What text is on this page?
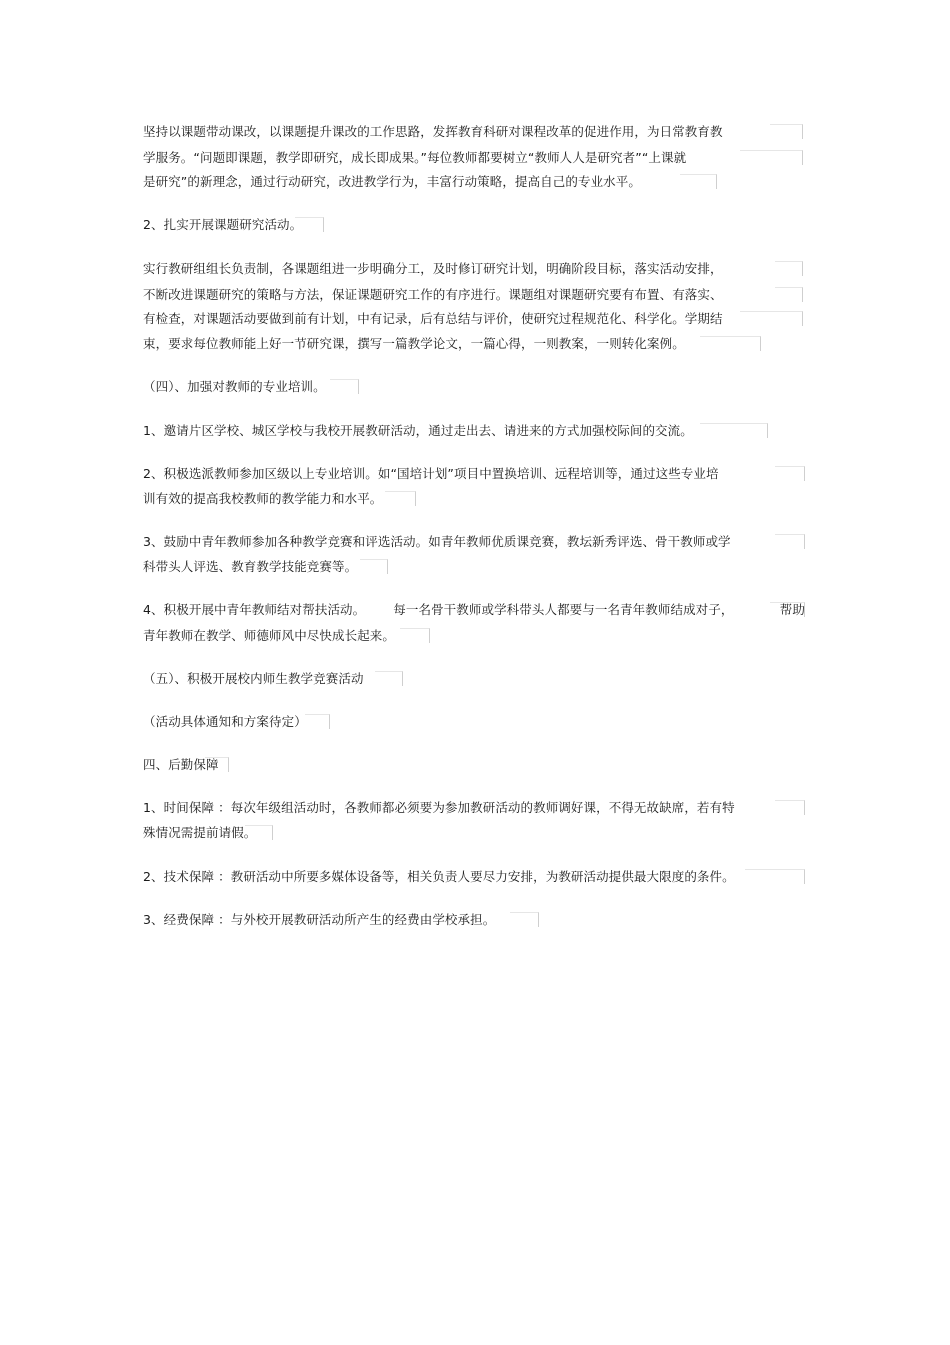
坚持以课题带动课改，以课题提升课改的工作思路，发挥教育科研对课程改革的促进作用，为日常教育教
学服务。“问题即课题，教学即研究，成长即成果。”每位教师都要树立“教师人人是研究者”“上课就
是研究”的新理念，通过行动研究，改进教学行为，丰富行动策略，提高自己的专业水平。
2、扎实开展课题研究活动。
实行教研组组长负责制，各课题组进一步明确分工，及时修订研究计划，明确阶段目标，落实活动安排，
不断改进课题研究的策略与方法，保证课题研究工作的有序进行。课题组对课题研究要有布置、有落实、
有检查，对课题活动要做到前有计划，中有记录，后有总结与评价，使研究过程规范化、科学化。学期结
束，要求每位教师能上好一节研究课，撰写一篇教学论文，一篇心得，一则教案，一则转化案例。
（四）、加强对教师的专业培训。
1、邀请片区学校、城区学校与我校开展教研活动，通过走出去、请进来的方式加强校际间的交流。
2、积极选派教师参加区级以上专业培训。如“国培计划”项目中置换培训、远程培训等，通过这些专业培
训有效的提高我校教师的教学能力和水平。
3、鼓励中青年教师参加各种教学竞赛和评选活动。如青年教师优质课竞赛，教坛新秀评选、骨干教师或学
科带头人评选、教育教学技能竞赛等。
4、积极开展中青年教师结对帮扶活动。 每一名骨干教师或学科带头人都要与一名青年教师结成对子，	帮助
青年教师在教学、师德师风中尽快成长起来。
（五）、积极开展校内师生教学竞赛活动
（活动具体通知和方案待定）
四、后勤保障
1、时间保障 ：每次年级组活动时，各教师都必须要为参加教研活动的教师调好课，不得无故缺席，若有特
殊情况需提前请假。
2、技术保障 ：教研活动中所要多媒体设备等，相关负责人要尽力安排，为教研活动提供最大限度的条件。
3、经费保障 ：与外校开展教研活动所产生的经费由学校承担。
